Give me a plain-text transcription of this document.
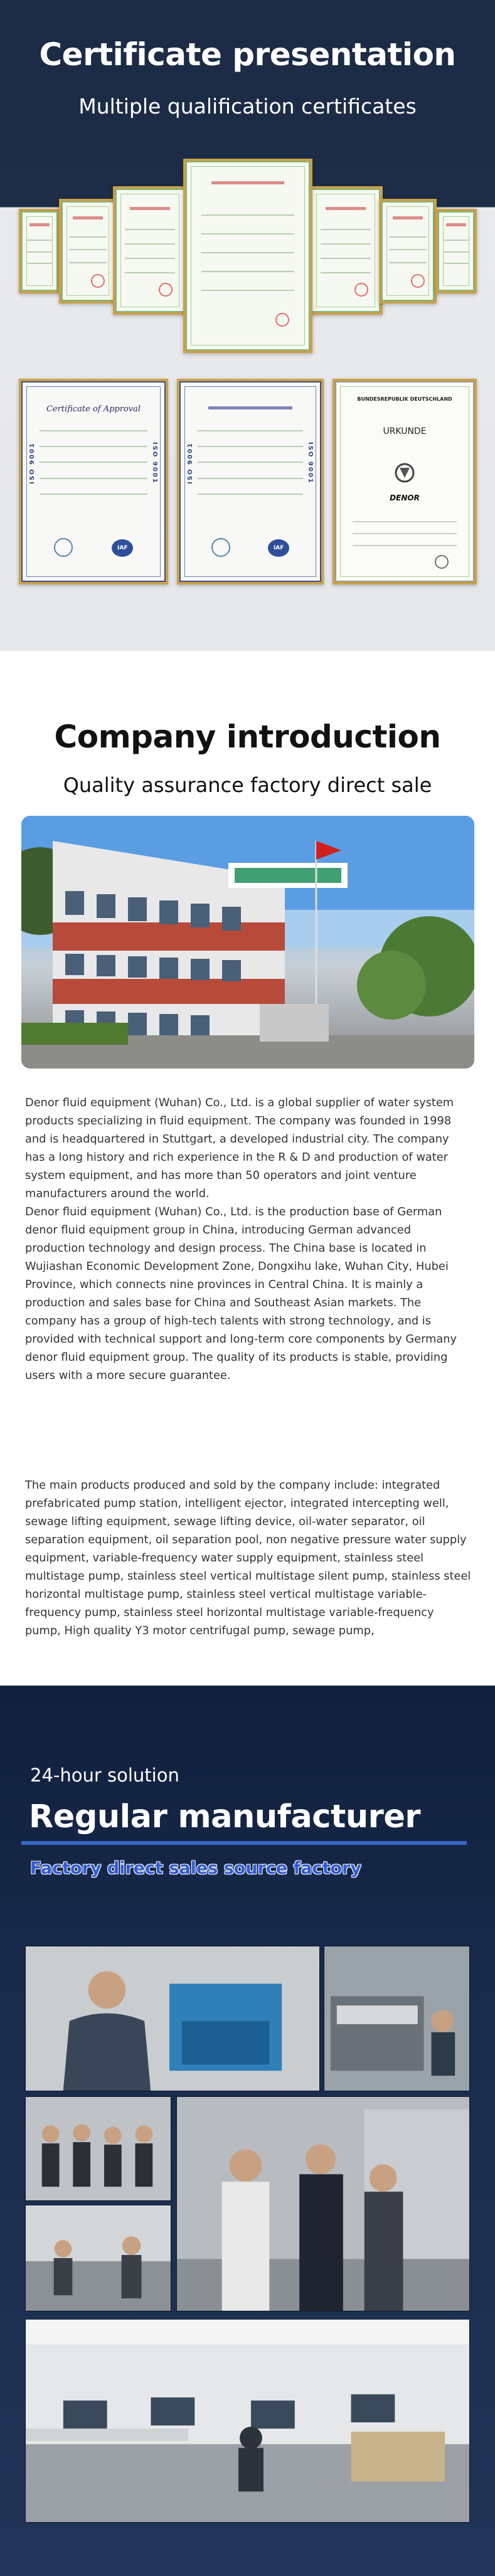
Certificate presentation

Multiple qualification certificates

ISO 9001	ISO 9001
Certificate of Approval
IAF
ISO 9001	ISO 9001
IAF
BUNDESREPUBLIK DEUTSCHLAND
URKUNDE
DENOR
Company introduction

Quality assurance factory direct sale

Denor fluid equipment (Wuhan) Co., Ltd. is a global supplier of water system products specializing in fluid equipment. The company was founded in 1998 and is headquartered in Stuttgart, a developed industrial city. The company has a long history and rich experience in the R & D and production of water system equipment, and has more than 50 operators and joint venture manufacturers around the world.

Denor fluid equipment (Wuhan) Co., Ltd. is the production base of German denor fluid equipment group in China, introducing German advanced production technology and design process. The China base is located in Wujiashan Economic Development Zone, Dongxihu lake, Wuhan City, Hubei Province, which connects nine provinces in Central China. It is mainly a production and sales base for China and Southeast Asian markets. The company has a group of high-tech talents with strong technology, and is provided with technical support and long-term core components by Germany denor fluid equipment group. The quality of its products is stable, providing users with a more secure guarantee.

The main products produced and sold by the company include: integrated prefabricated pump station, intelligent ejector, integrated intercepting well, sewage lifting equipment, sewage lifting device, oil-water separator, oil separation equipment, oil separation pool, non negative pressure water supply equipment, variable-frequency water supply equipment, stainless steel multistage pump, stainless steel vertical multistage silent pump, stainless steel horizontal multistage pump, stainless steel vertical multistage variable-frequency pump, stainless steel horizontal multistage variable-frequency pump, High quality Y3 motor centrifugal pump, sewage pump,

24-hour solution

Regular manufacturer

Factory direct sales source factory
